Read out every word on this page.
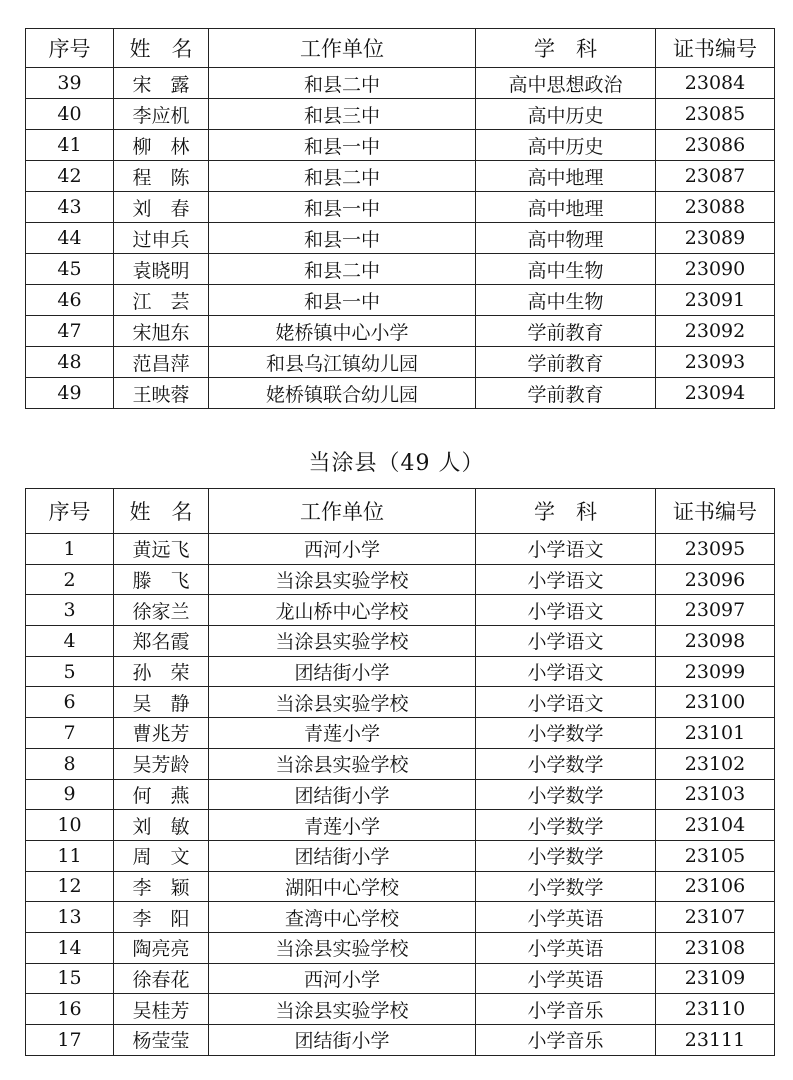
序号	姓　名	工作单位	学　科	证书编号
39	宋　露	和县二中	高中思想政治	23084
40	李应机	和县三中	高中历史	23085
41	柳　林	和县一中	高中历史	23086
42	程　陈	和县二中	高中地理	23087
43	刘　春	和县一中	高中地理	23088
44	过申兵	和县一中	高中物理	23089
45	袁晓明	和县二中	高中生物	23090
46	江　芸	和县一中	高中生物	23091
47	宋旭东	姥桥镇中心小学	学前教育	23092
48	范昌萍	和县乌江镇幼儿园	学前教育	23093
49	王映蓉	姥桥镇联合幼儿园	学前教育	23094
当涂县（49 人）
序号	姓　名	工作单位	学　科	证书编号
1	黄远飞	西河小学	小学语文	23095
2	滕　飞	当涂县实验学校	小学语文	23096
3	徐家兰	龙山桥中心学校	小学语文	23097
4	郑名霞	当涂县实验学校	小学语文	23098
5	孙　荣	团结街小学	小学语文	23099
6	吴　静	当涂县实验学校	小学语文	23100
7	曹兆芳	青莲小学	小学数学	23101
8	吴芳龄	当涂县实验学校	小学数学	23102
9	何　燕	团结街小学	小学数学	23103
10	刘　敏	青莲小学	小学数学	23104
11	周　文	团结街小学	小学数学	23105
12	李　颖	湖阳中心学校	小学数学	23106
13	李　阳	查湾中心学校	小学英语	23107
14	陶亮亮	当涂县实验学校	小学英语	23108
15	徐春花	西河小学	小学英语	23109
16	吴桂芳	当涂县实验学校	小学音乐	23110
17	杨莹莹	团结街小学	小学音乐	23111
